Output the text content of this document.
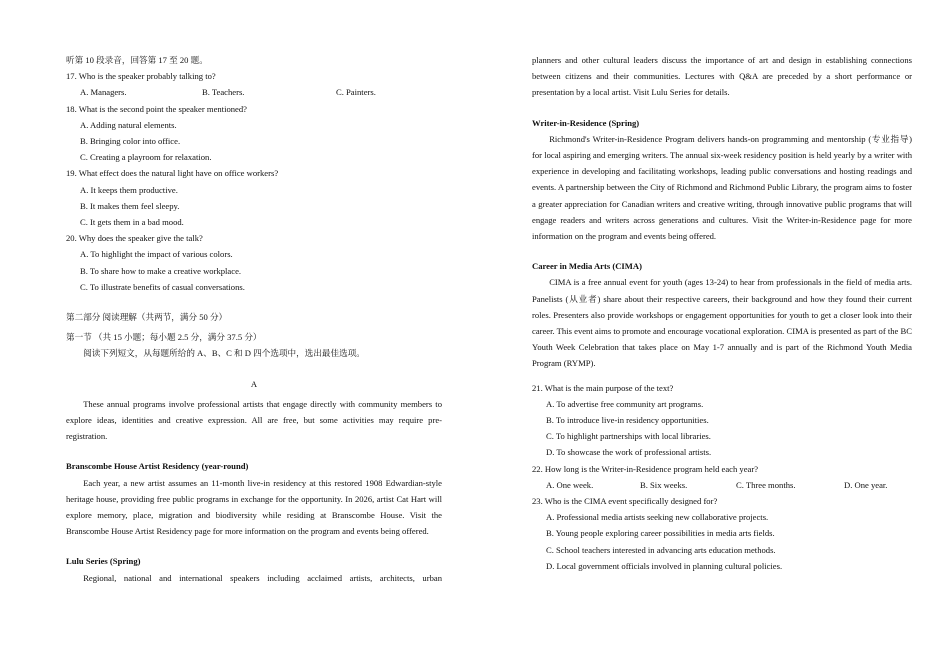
听第 10 段录音，回答第 17 至 20 题。
17. Who is the speaker probably talking to?
A. Managers.	B. Teachers.	C. Painters.
18. What is the second point the speaker mentioned?
A. Adding natural elements.
B. Bringing color into office.
C. Creating a playroom for relaxation.
19. What effect does the natural light have on office workers?
A. It keeps them productive.
B. It makes them feel sleepy.
C. It gets them in a bad mood.
20. Why does the speaker give the talk?
A. To highlight the impact of various colors.
B. To share how to make a creative workplace.
C. To illustrate benefits of casual conversations.
第二部分 阅读理解（共两节，满分 50 分）
第一节 （共 15 小题；每小题 2.5 分，满分 37.5 分）
阅读下列短文，从每题所给的 A、B、C 和 D 四个选项中，选出最佳选项。
A
These annual programs involve professional artists that engage directly with community members to explore ideas, identities and creative expression. All are free, but some activities may require pre-registration.
Branscombe House Artist Residency (year-round)
Each year, a new artist assumes an 11-month live-in residency at this restored 1908 Edwardian-style heritage house, providing free public programs in exchange for the opportunity. In 2026, artist Cat Hart will explore memory, place, migration and biodiversity while residing at Branscombe House. Visit the Branscombe House Artist Residency page for more information on the program and events being offered.
Lulu Series (Spring)
Regional, national and international speakers including acclaimed artists, architects, urban
planners and other cultural leaders discuss the importance of art and design in establishing connections between citizens and their communities. Lectures with Q&A are preceded by a short performance or presentation by a local artist. Visit Lulu Series for details.
Writer-in-Residence (Spring)
Richmond's Writer-in-Residence Program delivers hands-on programming and mentorship (专业指导) for local aspiring and emerging writers. The annual six-week residency position is held yearly by a writer with experience in developing and facilitating workshops, leading public conversations and hosting readings and events. A partnership between the City of Richmond and Richmond Public Library, the program aims to foster a greater appreciation for Canadian writers and creative writing, through innovative public programs that will engage readers and writers across generations and cultures. Visit the Writer-in-Residence page for more information on the program and events being offered.
Career in Media Arts (CIMA)
CIMA is a free annual event for youth (ages 13-24) to hear from professionals in the field of media arts. Panelists (从业者) share about their respective careers, their background and how they found their current roles. Presenters also provide workshops or engagement opportunities for youth to get a closer look into their career. This event aims to promote and encourage vocational exploration. CIMA is presented as part of the BC Youth Week Celebration that takes place on May 1-7 annually and is part of the Richmond Youth Media Program (RYMP).
21. What is the main purpose of the text?
A. To advertise free community art programs.
B. To introduce live-in residency opportunities.
C. To highlight partnerships with local libraries.
D. To showcase the work of professional artists.
22. How long is the Writer-in-Residence program held each year?
A. One week.	B. Six weeks.	C. Three months.	D. One year.
23. Who is the CIMA event specifically designed for?
A. Professional media artists seeking new collaborative projects.
B. Young people exploring career possibilities in media arts fields.
C. School teachers interested in advancing arts education methods.
D. Local government officials involved in planning cultural policies.
